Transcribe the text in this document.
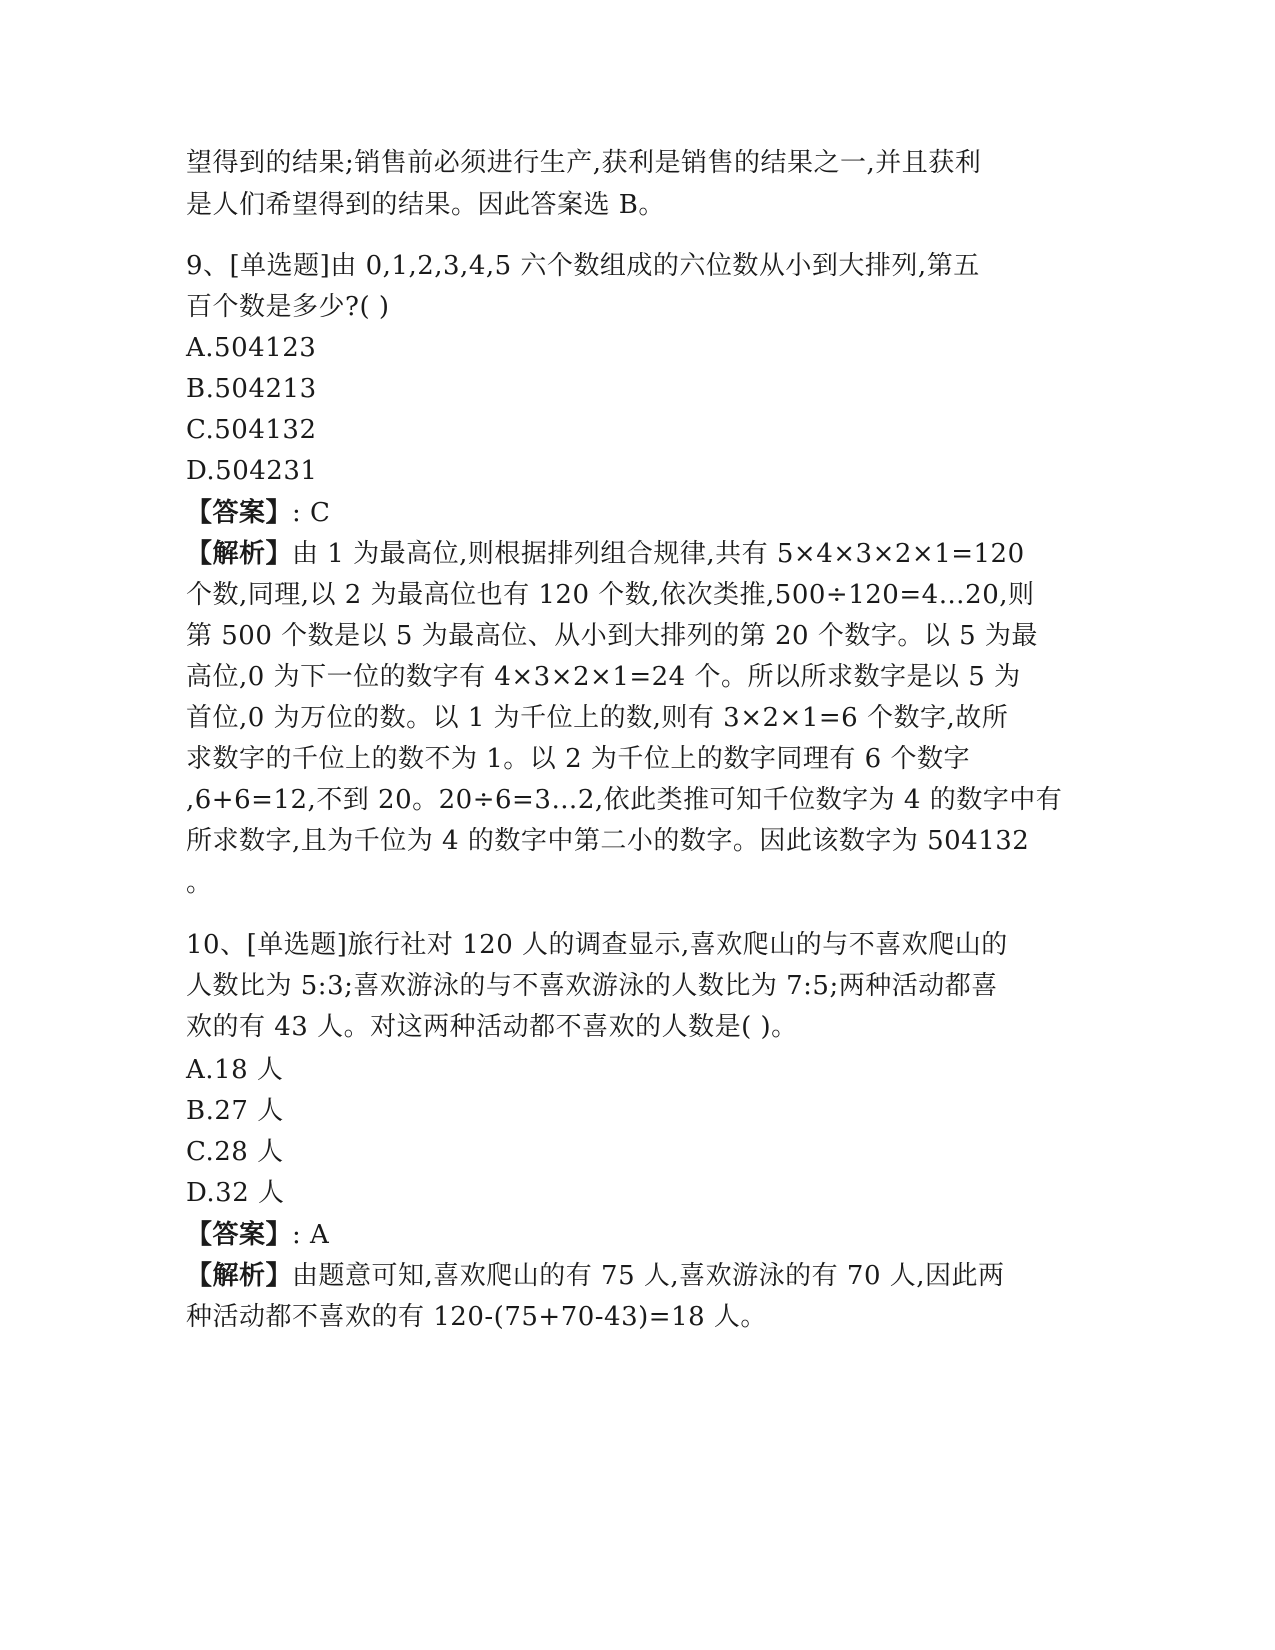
望得到的结果;销售前必须进行生产,获利是销售的结果之一,并且获利
是人们希望得到的结果。因此答案选 B。
9、[单选题]由 0,1,2,3,4,5 六个数组成的六位数从小到大排列,第五
百个数是多少?( )
A.504123
B.504213
C.504132
D.504231
【答案】: C
【解析】由 1 为最高位,则根据排列组合规律,共有 5×4×3×2×1=120
个数,同理,以 2 为最高位也有 120 个数,依次类推,500÷120=4…20,则
第 500 个数是以 5 为最高位、从小到大排列的第 20 个数字。以 5 为最
高位,0 为下一位的数字有 4×3×2×1=24 个。所以所求数字是以 5 为
首位,0 为万位的数。以 1 为千位上的数,则有 3×2×1=6 个数字,故所
求数字的千位上的数不为 1。以 2 为千位上的数字同理有 6 个数字
,6+6=12,不到 20。20÷6=3…2,依此类推可知千位数字为 4 的数字中有
所求数字,且为千位为 4 的数字中第二小的数字。因此该数字为 504132
。
10、[单选题]旅行社对 120 人的调查显示,喜欢爬山的与不喜欢爬山的
人数比为 5:3;喜欢游泳的与不喜欢游泳的人数比为 7:5;两种活动都喜
欢的有 43 人。对这两种活动都不喜欢的人数是( )。
A.18 人
B.27 人
C.28 人
D.32 人
【答案】: A
【解析】由题意可知,喜欢爬山的有 75 人,喜欢游泳的有 70 人,因此两
种活动都不喜欢的有 120-(75+70-43)=18 人。
